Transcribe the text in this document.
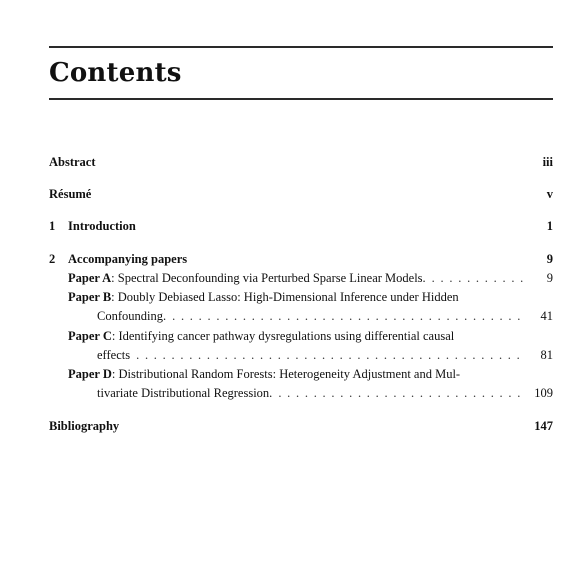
Contents
Abstract	iii
Résumé	v
1	Introduction	1
2	Accompanying papers	9
Paper A : Spectral Deconfounding via Perturbed Sparse Linear Models. . . .	9
Paper B : Doubly Debiased Lasso: High-Dimensional Inference under Hidden
Confounding. . . .	41
Paper C : Identifying cancer pathway dysregulations using differential causal
effects . . .	81
Paper D : Distributional Random Forests: Heterogeneity Adjustment and Mul-
tivariate Distributional Regression. . . .	109
Bibliography	147
